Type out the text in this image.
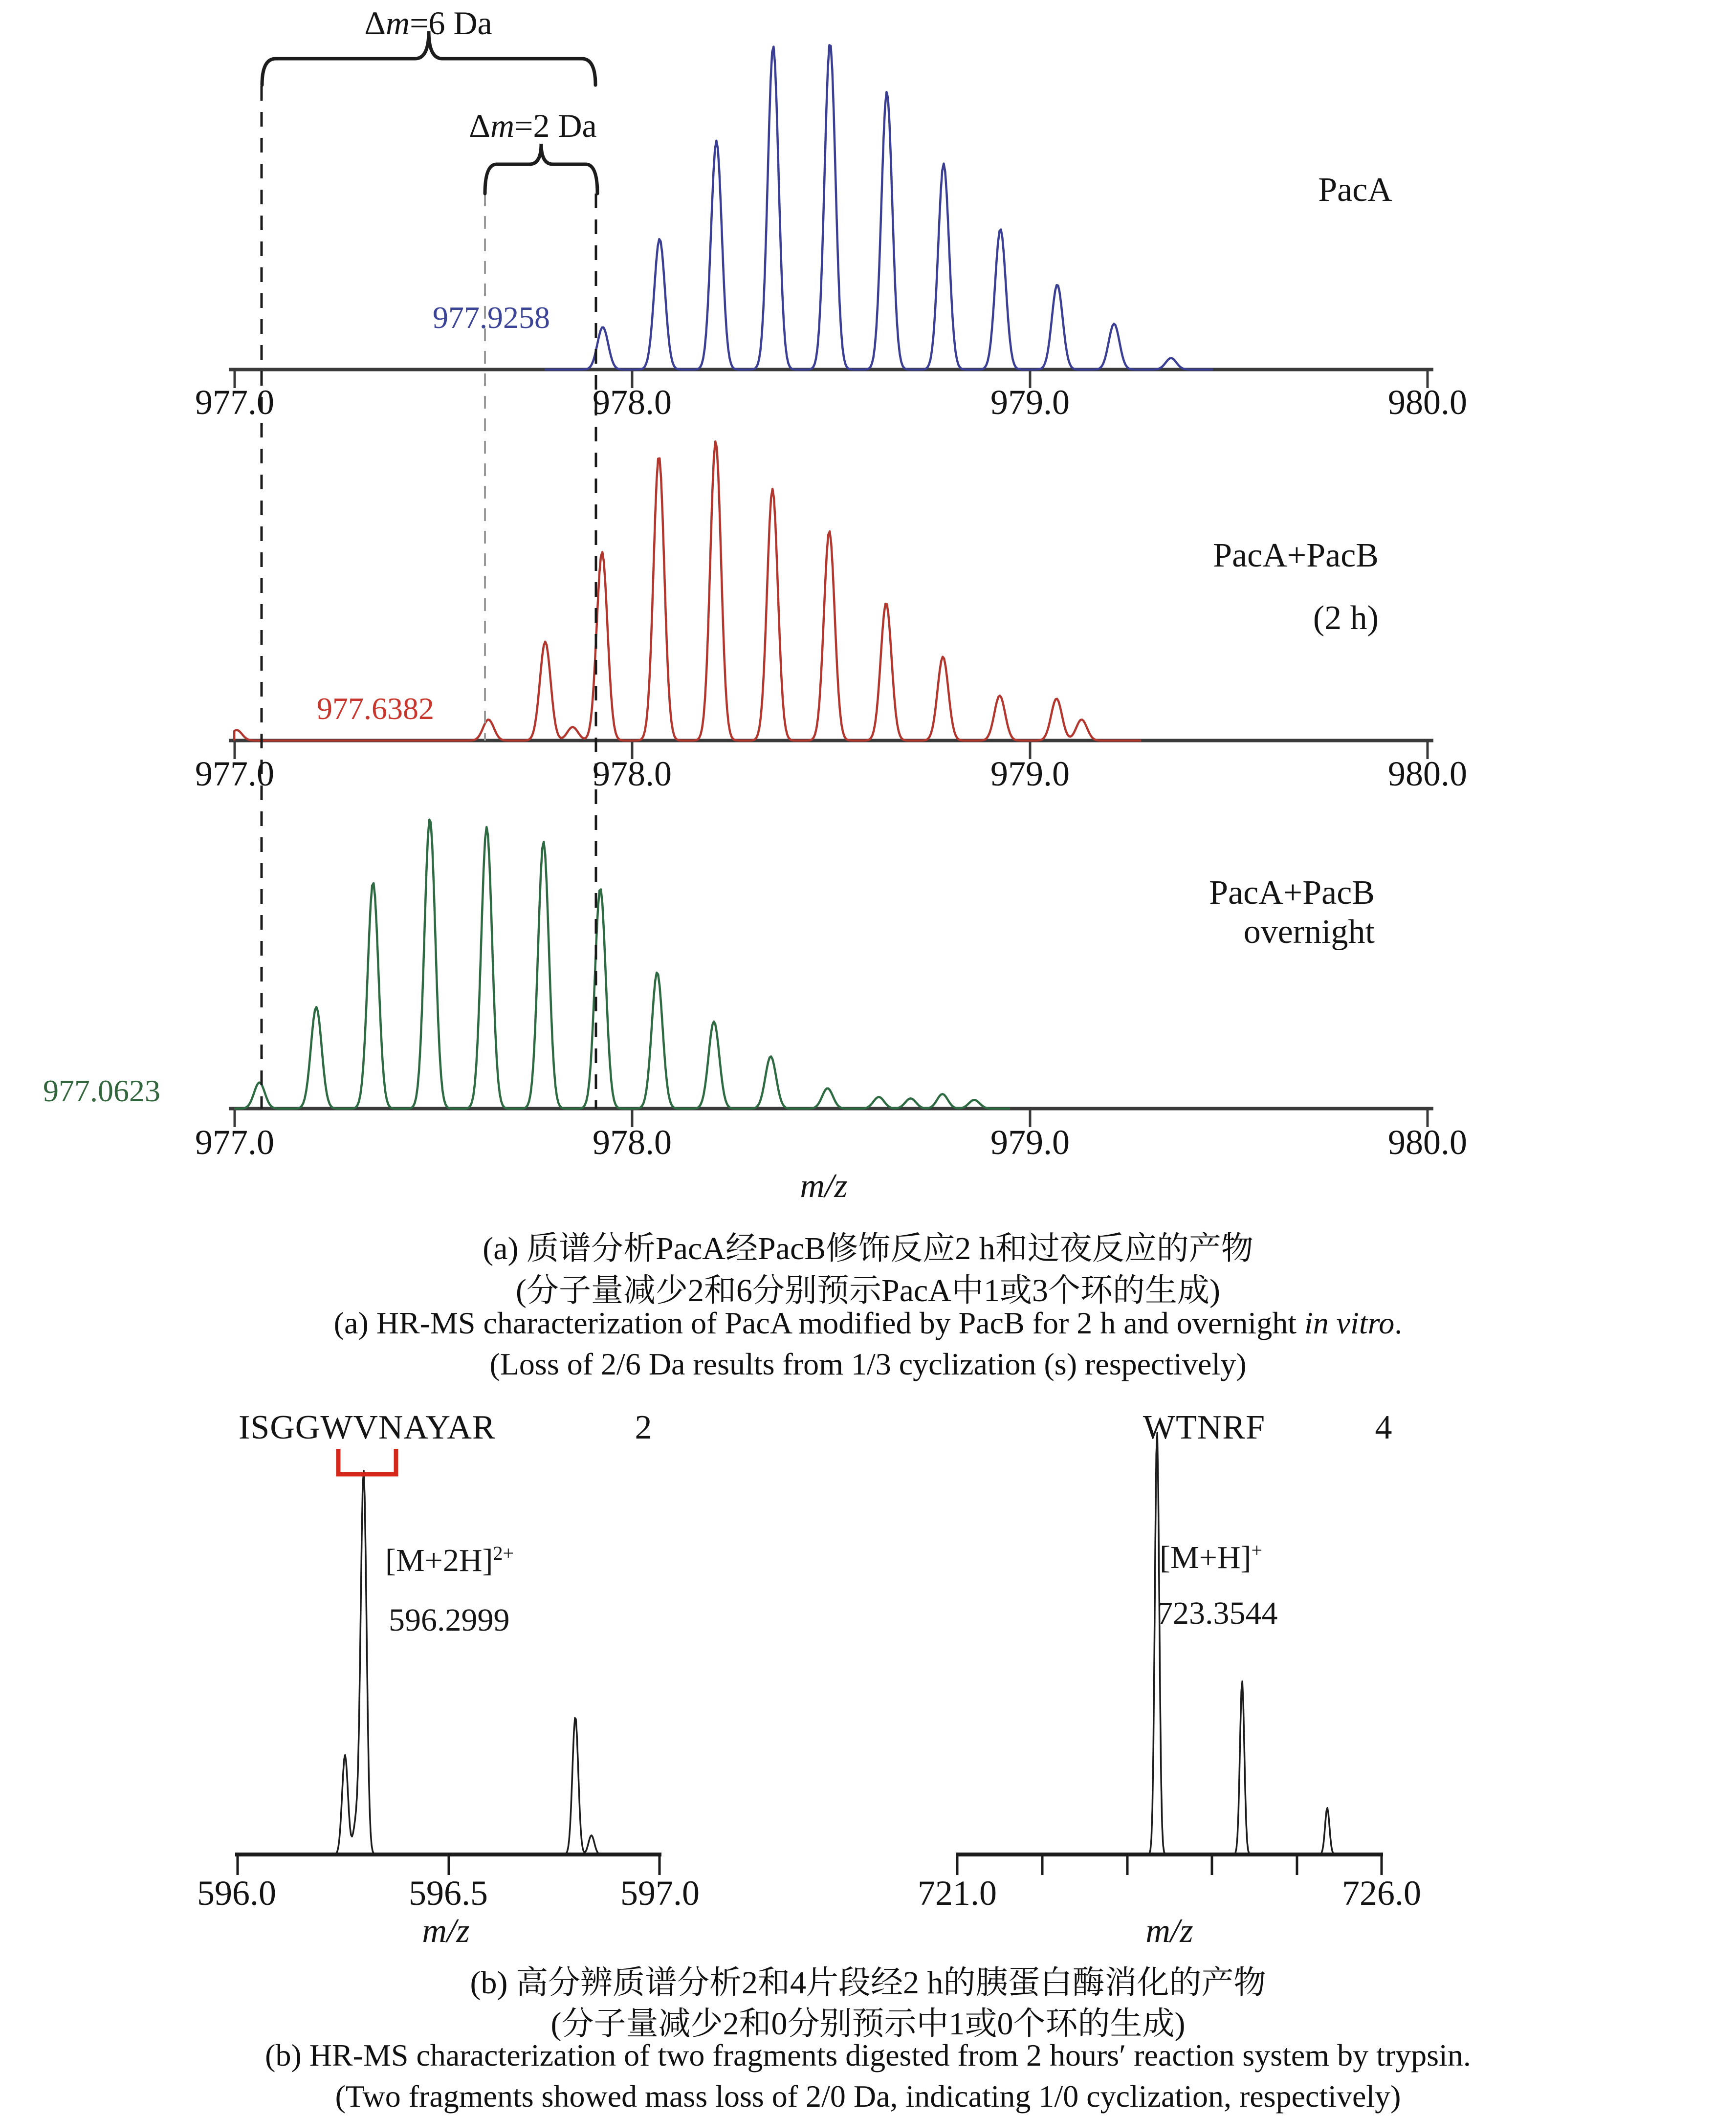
Δm=6 Da
Δm=2 Da
977.9258
PacA
977.0	978.0	979.0	980.0
977.6382
PacA+PacB
(2 h)
977.0	978.0	979.0	980.0
977.0623
PacA+PacB
overnight
977.0	978.0	979.0	980.0
m/z
(a) 质谱分析PacA经PacB修饰反应2 h和过夜反应的产物
(分子量减少2和6分别预示PacA中1或3个环的生成)
(a) HR-MS characterization of PacA modified by PacB for 2 h and overnight in vitro.
(Loss of 2/6 Da results from 1/3 cyclization (s) respectively)
ISGGWVNAYAR	2	WTNRF	4
$[M+2H]^{2+}$
596.2999
[M+H]+
723.3544
596.0	596.5	597.0
m/z
721.0	726.0
m/z
(b) 高分辨质谱分析2和4片段经2 h的胰蛋白酶消化的产物
(分子量减少2和0分别预示中1或0个环的生成)
(b) HR-MS characterization of two fragments digested from 2 hours′ reaction system by trypsin.
(Two fragments showed mass loss of 2/0 Da, indicating 1/0 cyclization, respectively)
